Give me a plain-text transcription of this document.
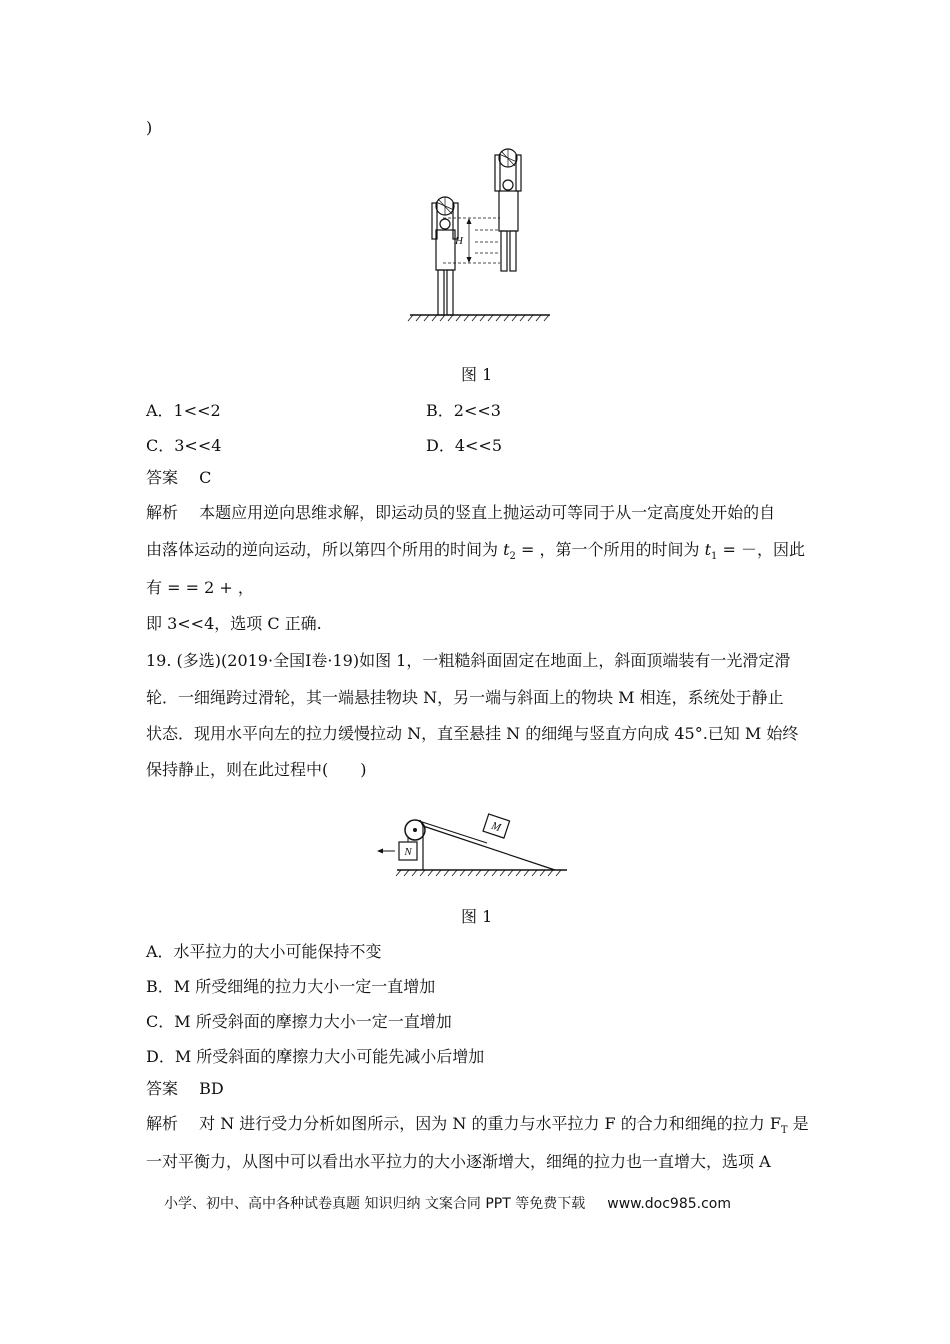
)
H
图 1
A．1<<2	B．2<<3
C．3<<4	D．4<<5
答案 C
解析 本题应用逆向思维求解，即运动员的竖直上抛运动可等同于从一定高度处开始的自
由落体运动的逆向运动，所以第四个所用的时间为 $t_2$ = ，第一个所用的时间为 $t_1$ = －，因此
有 = = 2 + ，
即 3<<4，选项 C 正确.
19. (多选)(2019·全国Ⅰ卷·19)如图 1，一粗糙斜面固定在地面上，斜面顶端装有一光滑定滑
轮．一细绳跨过滑轮，其一端悬挂物块 N，另一端与斜面上的物块 M 相连，系统处于静止
状态．现用水平向左的拉力缓慢拉动 N，直至悬挂 N 的细绳与竖直方向成 45°.已知 M 始终
保持静止，则在此过程中(　　)
M
N
图 1
A．水平拉力的大小可能保持不变
B．M 所受细绳的拉力大小一定一直增加
C．M 所受斜面的摩擦力大小一定一直增加
D．M 所受斜面的摩擦力大小可能先减小后增加
答案 BD
解析 对 N 进行受力分析如图所示，因为 N 的重力与水平拉力 F 的合力和细绳的拉力 $F_T$ 是
一对平衡力，从图中可以看出水平拉力的大小逐渐增大，细绳的拉力也一直增大，选项 A
小学、初中、高中各种试卷真题 知识归纳 文案合同 PPT 等免费下载 www.doc985.com
